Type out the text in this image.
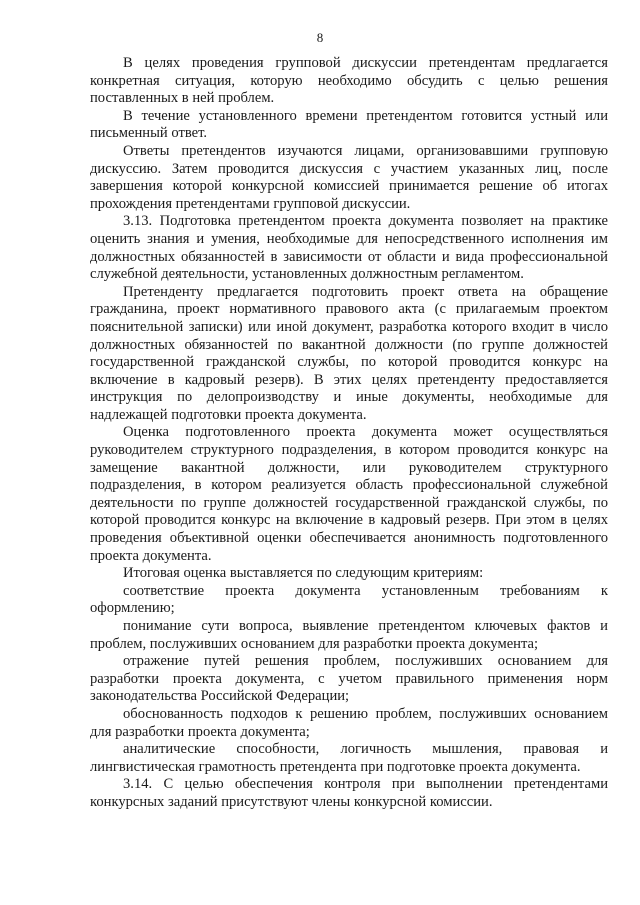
8

В целях проведения групповой дискуссии претендентам предлагается конкретная ситуация, которую необходимо обсудить с целью решения поставленных в ней проблем.

В течение установленного времени претендентом готовится устный или письменный ответ.

Ответы претендентов изучаются лицами, организовавшими групповую дискуссию. Затем проводится дискуссия с участием указанных лиц, после завершения которой конкурсной комиссией принимается решение об итогах прохождения претендентами групповой дискуссии.

3.13. Подготовка претендентом проекта документа позволяет на практике оценить знания и умения, необходимые для непосредственного исполнения им должностных обязанностей в зависимости от области и вида профессиональной служебной деятельности, установленных должностным регламентом.

Претенденту предлагается подготовить проект ответа на обращение гражданина, проект нормативного правового акта (с прилагаемым проектом пояснительной записки) или иной документ, разработка которого входит в число должностных обязанностей по вакантной должности (по группе должностей государственной гражданской службы, по которой проводится конкурс на включение в кадровый резерв). В этих целях претенденту предоставляется инструкция по делопроизводству и иные документы, необходимые для надлежащей подготовки проекта документа.

Оценка подготовленного проекта документа может осуществляться руководителем структурного подразделения, в котором проводится конкурс на замещение вакантной должности, или руководителем структурного подразделения, в котором реализуется область профессиональной служебной деятельности по группе должностей государственной гражданской службы, по которой проводится конкурс на включение в кадровый резерв. При этом в целях проведения объективной оценки обеспечивается анонимность подготовленного проекта документа.

Итоговая оценка выставляется по следующим критериям:

соответствие проекта документа установленным требованиям к оформлению;

понимание сути вопроса, выявление претендентом ключевых фактов и проблем, послуживших основанием для разработки проекта документа;

отражение путей решения проблем, послуживших основанием для разработки проекта документа, с учетом правильного применения норм законодательства Российской Федерации;

обоснованность подходов к решению проблем, послуживших основанием для разработки проекта документа;

аналитические способности, логичность мышления, правовая и лингвистическая грамотность претендента при подготовке проекта документа.

3.14. С целью обеспечения контроля при выполнении претендентами конкурсных заданий присутствуют члены конкурсной комиссии.
